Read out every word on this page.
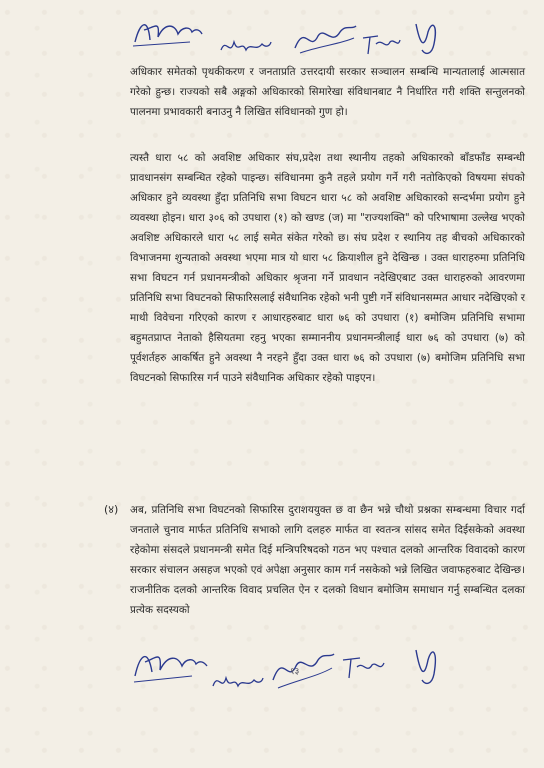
अधिकार समेतको पृथकीकरण र जनताप्रति उत्तरदायी सरकार सञ्चालन सम्बन्धि मान्यतालाई आत्मसात गरेको हुन्छ। राज्यको सबै अङ्गको अधिकारको सिमारेखा संविधानबाट नै निर्धारित गरी शक्ति सन्तुलनको पालनमा प्रभावकारी बनाउनु नै लिखित संविधानको गुण हो।
त्यस्तै धारा ५८ को अवशिष्ट अधिकार संघ,प्रदेश तथा स्थानीय तहको अधिकारको बाँडफाँड सम्बन्धी प्रावधानसंग सम्बन्धित रहेको पाइन्छ। संविधानमा कुनै तहले प्रयोग गर्ने गरी नतोकिएको विषयमा संघको अधिकार हुने व्यवस्था हुँदा प्रतिनिधि सभा विघटन धारा ५८ को अवशिष्ट अधिकारको सन्दर्भमा प्रयोग हुने व्यवस्था होइन। धारा ३०६ को उपधारा (१) को खण्ड (ज) मा "राज्यशक्ति" को परिभाषामा उल्लेख भएको अवशिष्ट अधिकारले धारा ५८ लाई समेत संकेत गरेको छ। संघ प्रदेश र स्थानिय तह बीचको अधिकारको विभाजनमा शुन्यताको अवस्था भएमा मात्र यो धारा ५८ क्रियाशील हुने देखिन्छ । उक्त धाराहरुमा प्रतिनिधि सभा विघटन गर्न प्रधानमन्त्रीको अधिकार श्रृजना गर्ने प्रावधान नदेखिएबाट उक्त धाराहरुको आवरणमा प्रतिनिधि सभा विघटनको सिफारिसलाई संवैधानिक रहेको भनी पुष्टी गर्ने संविधानसम्मत आधार नदेखिएको र माथी विवेचना गरिएको कारण र आधारहरुबाट धारा ७६ को उपधारा (१) बमोजिम प्रतिनिधि सभामा बहुमतप्राप्त नेताको हैसियतमा रहनु भएका सम्माननीय प्रधानमन्त्रीलाई धारा ७६ को उपधारा (७) को पूर्वशर्तहरु आकर्षित हुने अवस्था नै नरहने हुँदा उक्त धारा ७६ को उपधारा (७) बमोजिम प्रतिनिधि सभा विघटनको सिफारिस गर्न पाउने संवैधानिक अधिकार रहेको पाइएन।
(४) अब, प्रतिनिधि सभा विघटनको सिफारिस दुराशययुक्त छ वा छैन भन्ने चौथो प्रश्नका सम्बन्धमा विचार गर्दा जनताले चुनाव मार्फत प्रतिनिधि सभाको लागि दलहरु मार्फत वा स्वतन्त्र सांसद समेत दिईसकेको अवस्था रहेकोमा संसदले प्रधानमन्त्री समेत दिई मन्त्रिपरिषदको गठन भए पश्चात दलको आन्तरिक विवादको कारण सरकार संचालन असहज भएको एवं अपेक्षा अनुसार काम गर्न नसकेको भन्ने लिखित जवाफहरुबाट देखिन्छ। राजनीतिक दलको आन्तरिक विवाद प्रचलित ऐन र दलको विधान बमोजिम समाधान गर्नु सम्बन्धित दलका प्रत्येक सदस्यको
१३
